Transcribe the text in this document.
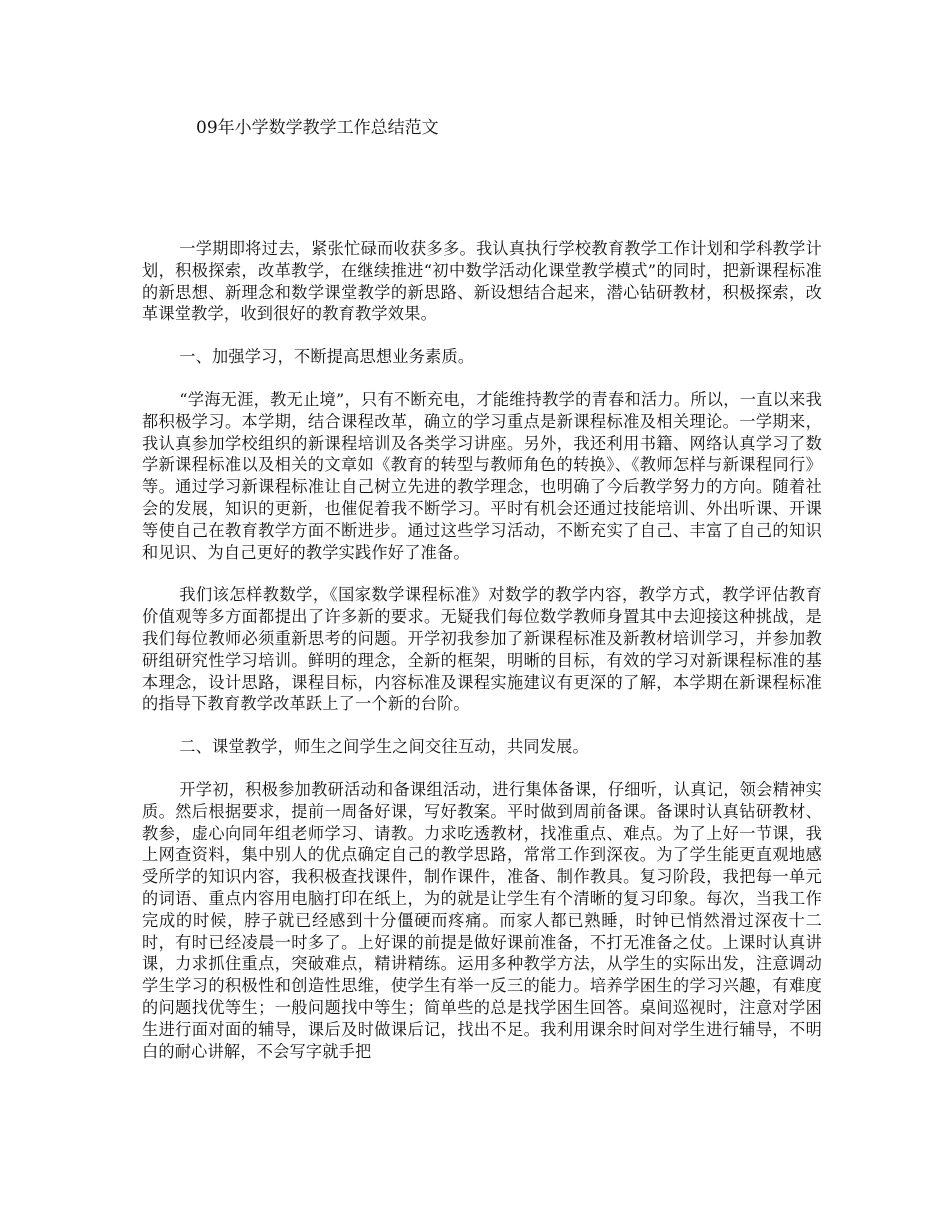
09年小学数学教学工作总结范文

一学期即将过去，紧张忙碌而收获多多。我认真执行学校教育教学工作计划和学科教学计划，积极探索，改革教学，在继续推进“初中数学活动化课堂教学模式”的同时，把新课程标准的新思想、新理念和数学课堂教学的新思路、新设想结合起来，潜心钻研教材，积极探索，改革课堂教学，收到很好的教育教学效果。

一、加强学习，不断提高思想业务素质。

“学海无涯，教无止境”，只有不断充电，才能维持教学的青春和活力。所以，一直以来我都积极学习。本学期，结合课程改革，确立的学习重点是新课程标准及相关理论。一学期来，我认真参加学校组织的新课程培训及各类学习讲座。另外，我还利用书籍、网络认真学习了数学新课程标准以及相关的文章如《教育的转型与教师角色的转换》、《教师怎样与新课程同行》等。通过学习新课程标准让自己树立先进的教学理念，也明确了今后教学努力的方向。随着社会的发展，知识的更新，也催促着我不断学习。平时有机会还通过技能培训、外出听课、开课等使自己在教育教学方面不断进步。通过这些学习活动，不断充实了自己、丰富了自己的知识和见识、为自己更好的教学实践作好了准备。

我们该怎样教数学，《国家数学课程标准》对数学的教学内容，教学方式，教学评估教育价值观等多方面都提出了许多新的要求。无疑我们每位数学教师身置其中去迎接这种挑战，是我们每位教师必须重新思考的问题。开学初我参加了新课程标准及新教材培训学习，并参加教研组研究性学习培训。鲜明的理念，全新的框架，明晰的目标，有效的学习对新课程标准的基本理念，设计思路，课程目标，内容标准及课程实施建议有更深的了解，本学期在新课程标准的指导下教育教学改革跃上了一个新的台阶。

二、课堂教学，师生之间学生之间交往互动，共同发展。

开学初，积极参加教研活动和备课组活动，进行集体备课，仔细听，认真记，领会精神实质。然后根据要求，提前一周备好课，写好教案。平时做到周前备课。备课时认真钻研教材、教参，虚心向同年组老师学习、请教。力求吃透教材，找准重点、难点。为了上好一节课，我上网查资料，集中别人的优点确定自己的教学思路，常常工作到深夜。为了学生能更直观地感受所学的知识内容，我积极查找课件，制作课件，准备、制作教具。复习阶段，我把每一单元的词语、重点内容用电脑打印在纸上，为的就是让学生有个清晰的复习印象。每次，当我工作完成的时候，脖子就已经感到十分僵硬而疼痛。而家人都已熟睡，时钟已悄然滑过深夜十二时，有时已经凌晨一时多了。上好课的前提是做好课前准备，不打无准备之仗。上课时认真讲课，力求抓住重点，突破难点，精讲精练。运用多种教学方法，从学生的实际出发，注意调动学生学习的积极性和创造性思维，使学生有举一反三的能力。培养学困生的学习兴趣，有难度的问题找优等生；一般问题找中等生；简单些的总是找学困生回答。桌间巡视时，注意对学困生进行面对面的辅导，课后及时做课后记，找出不足。我利用课余时间对学生进行辅导，不明白的耐心讲解，不会写字就手把
